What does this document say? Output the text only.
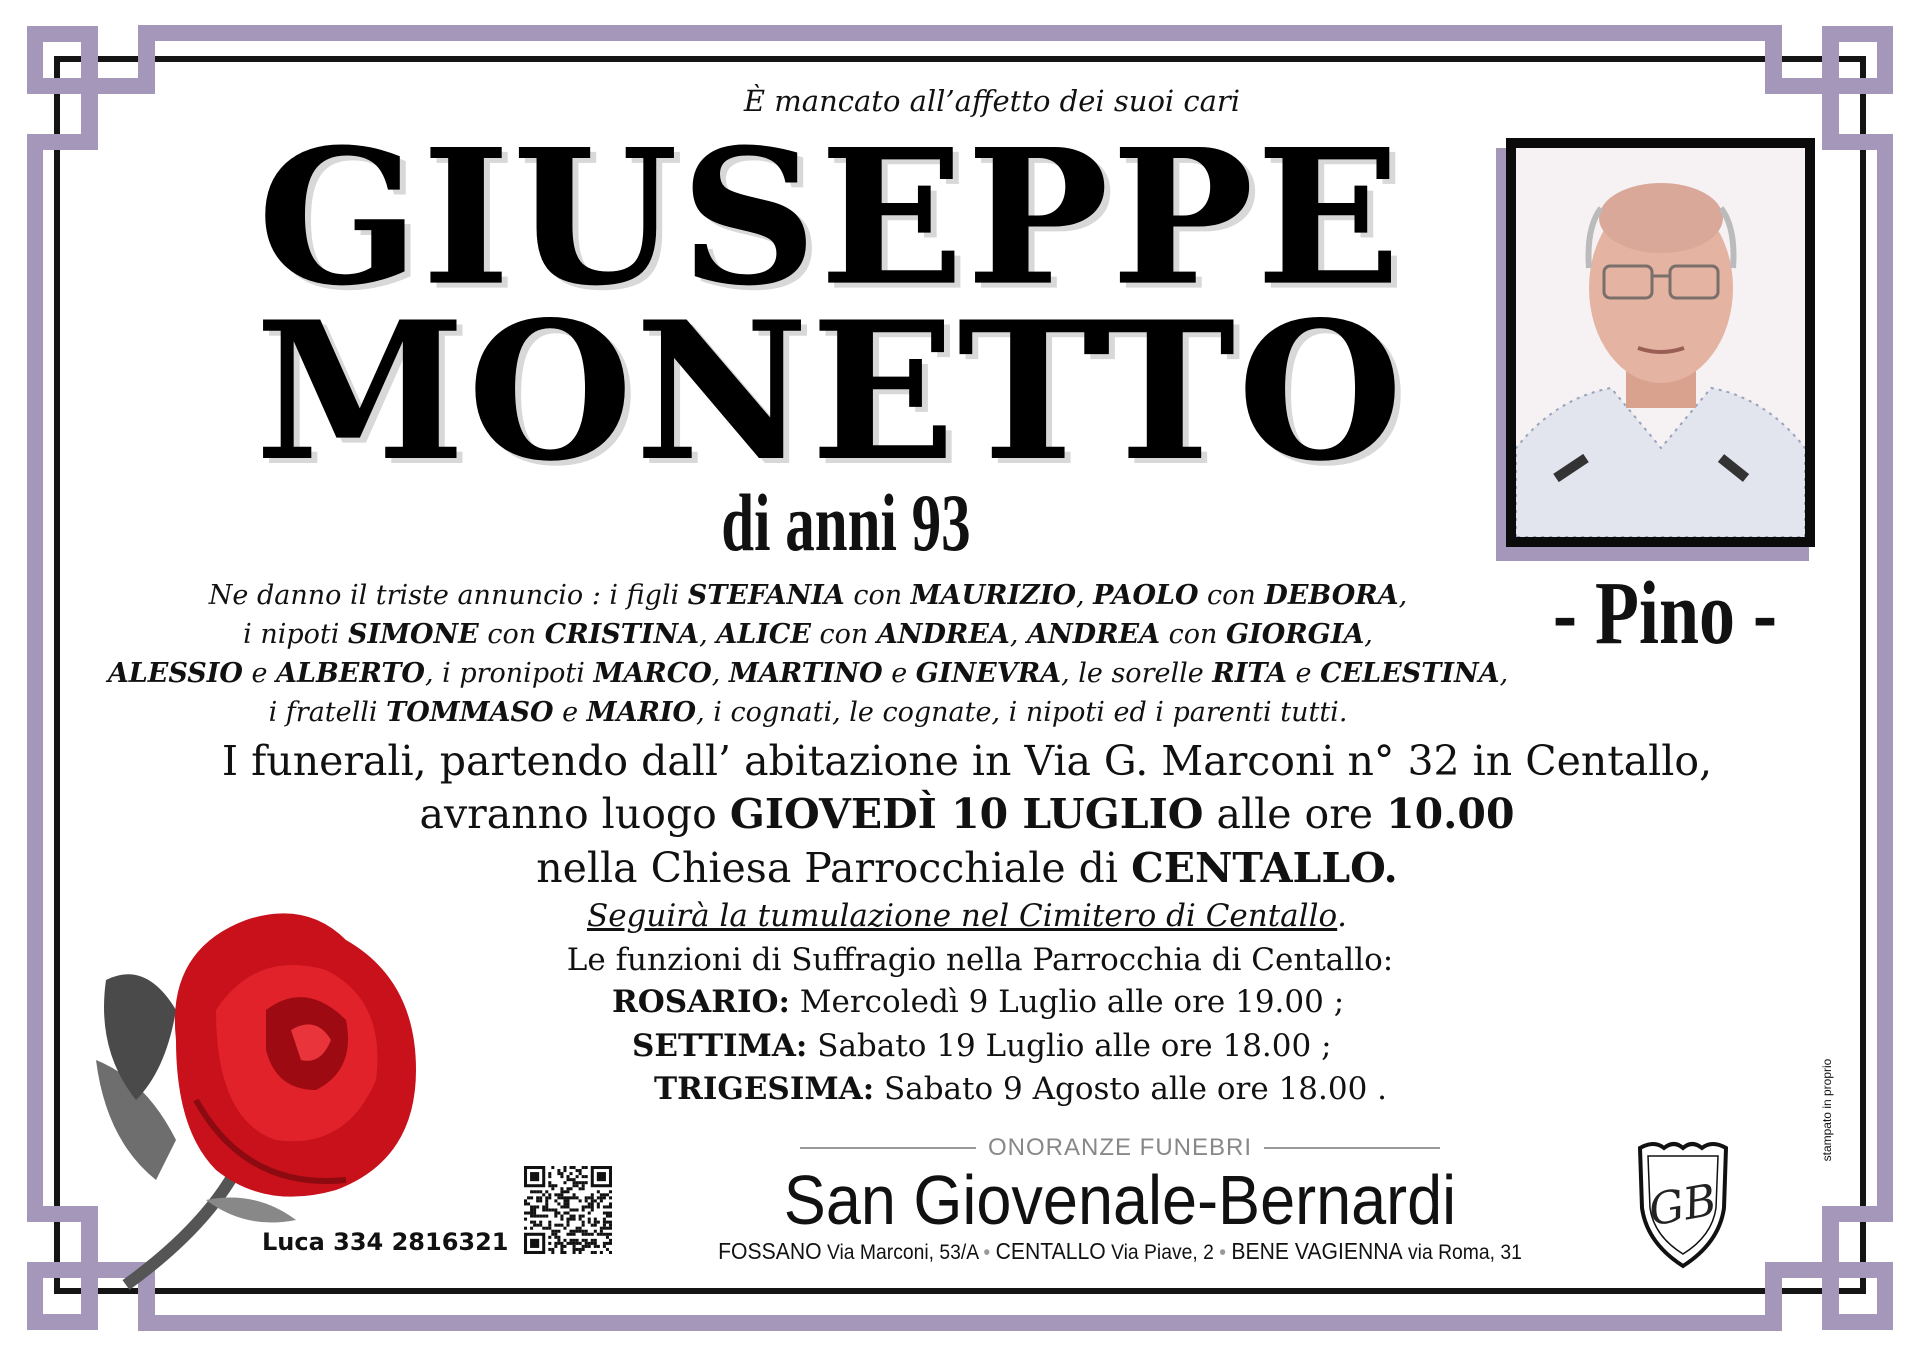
È mancato all’affetto dei suoi cari
GIUSEPPE
MONETTO
di anni 93
- Pino -
Ne danno il triste annuncio : i figli STEFANIA con MAURIZIO, PAOLO con DEBORA,
i nipoti SIMONE con CRISTINA, ALICE con ANDREA, ANDREA con GIORGIA,
ALESSIO e ALBERTO, i pronipoti MARCO, MARTINO e GINEVRA, le sorelle RITA e CELESTINA,
i fratelli TOMMASO e MARIO, i cognati, le cognate, i nipoti ed i parenti tutti.
I funerali, partendo dall’ abitazione in Via G. Marconi n° 32 in Centallo,
avranno luogo GIOVEDÌ 10 LUGLIO alle ore 10.00
nella Chiesa Parrocchiale di CENTALLO.
Seguirà la tumulazione nel Cimitero di Centallo.
Le funzioni di Suffragio nella Parrocchia di Centallo:
ROSARIO: Mercoledì 9 Luglio alle ore 19.00 ;
SETTIMA: Sabato 19 Luglio alle ore 18.00 ;
TRIGESIMA: Sabato 9 Agosto alle ore 18.00 .
Luca 334 2816321
ONORANZE FUNEBRI
San Giovenale-Bernardi
FOSSANO Via Marconi, 53/A • CENTALLO Via Piave, 2 • BENE VAGIENNA via Roma, 31
GB
stampato in proprio
